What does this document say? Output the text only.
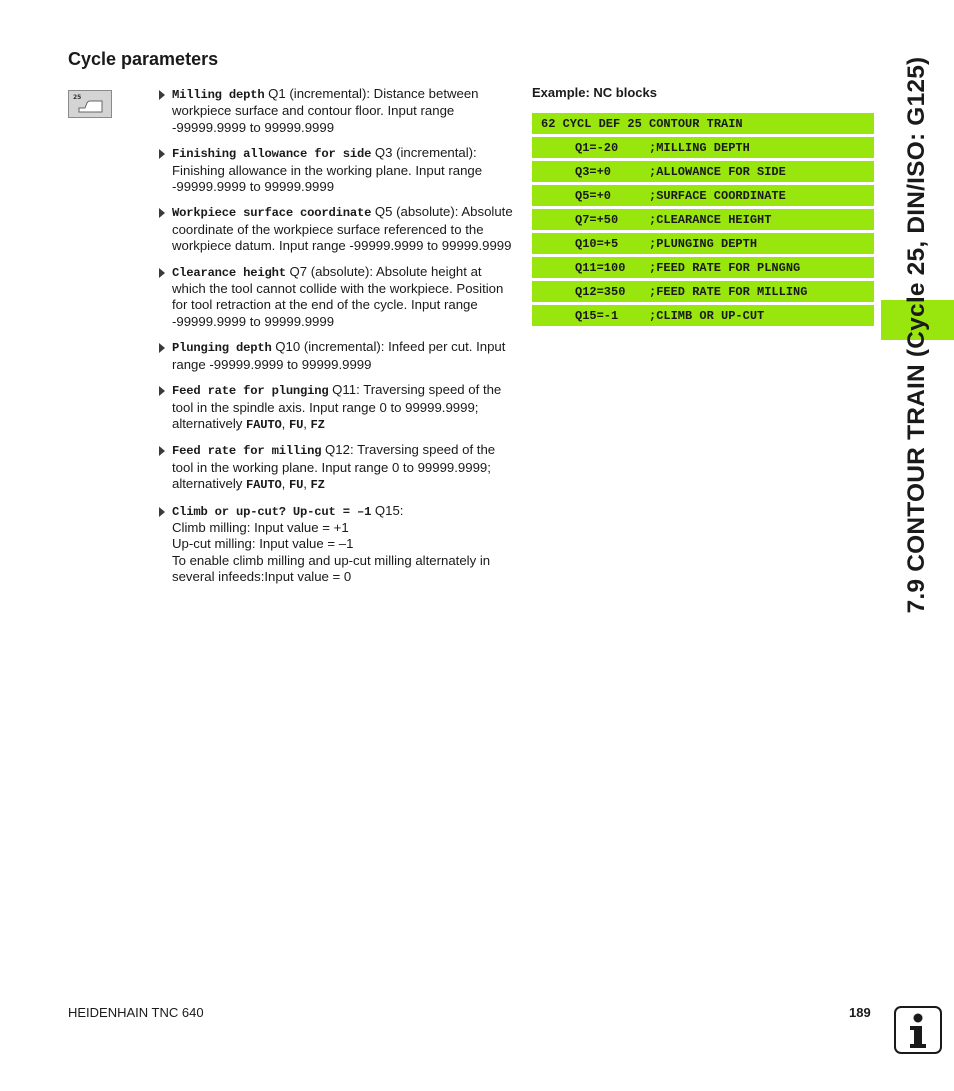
Cycle parameters
25	Milling depth Q1 (incremental): Distance between workpiece surface and contour floor. Input range -99999.9999 to 99999.9999
Finishing allowance for side Q3 (incremental): Finishing allowance in the working plane. Input range -99999.9999 to 99999.9999
Workpiece surface coordinate Q5 (absolute): Absolute coordinate of the workpiece surface referenced to the workpiece datum. Input range -99999.9999 to 99999.9999
Clearance height Q7 (absolute): Absolute height at which the tool cannot collide with the workpiece. Position for tool retraction at the end of the cycle. Input range -99999.9999 to 99999.9999
Plunging depth Q10 (incremental): Infeed per cut. Input range -99999.9999 to 99999.9999
Feed rate for plunging Q11: Traversing speed of the tool in the spindle axis. Input range 0 to 99999.9999; alternatively FAUTO, FU, FZ
Feed rate for milling Q12: Traversing speed of the tool in the working plane. Input range 0 to 99999.9999; alternatively FAUTO, FU, FZ
Climb or up-cut? Up-cut = –1 Q15:
Climb milling: Input value = +1
Up-cut milling: Input value = –1
To enable climb milling and up-cut milling alternately in several infeeds:Input value = 0
Example: NC blocks
62 CYCL DEF 25 CONTOUR TRAIN
Q1=-20	;MILLING DEPTH
Q3=+0	;ALLOWANCE FOR SIDE
Q5=+0	;SURFACE COORDINATE
Q7=+50	;CLEARANCE HEIGHT
Q10=+5	;PLUNGING DEPTH
Q11=100	;FEED RATE FOR PLNGNG
Q12=350	;FEED RATE FOR MILLING
Q15=-1	;CLIMB OR UP-CUT	7.9 CONTOUR TRAIN (Cycle 25, DIN/ISO: G125)
HEIDENHAIN TNC 640	189
